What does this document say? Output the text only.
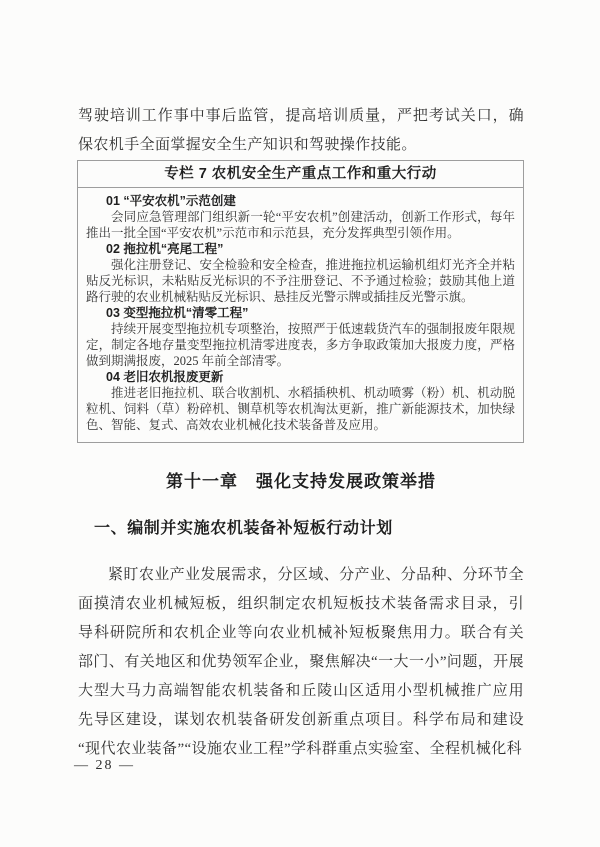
驾驶培训工作事中事后监管，提高培训质量，严把考试关口，确保农机手全面掌握安全生产知识和驾驶操作技能。

专栏 7 农机安全生产重点工作和重大行动

01 “平安农机”示范创建

会同应急管理部门组织新一轮“平安农机”创建活动，创新工作形式，每年推出一批全国“平安农机”示范市和示范县，充分发挥典型引领作用。

02 拖拉机“亮尾工程”

强化注册登记、安全检验和安全检查，推进拖拉机运输机组灯光齐全并粘贴反光标识，未粘贴反光标识的不予注册登记、不予通过检验；鼓励其他上道路行驶的农业机械粘贴反光标识、悬挂反光警示牌或插挂反光警示旗。

03 变型拖拉机“清零工程”

持续开展变型拖拉机专项整治，按照严于低速载货汽车的强制报废年限规定，制定各地存量变型拖拉机清零进度表，多方争取政策加大报废力度，严格做到期满报废，2025 年前全部清零。

04 老旧农机报废更新

推进老旧拖拉机、联合收割机、水稻插秧机、机动喷雾（粉）机、机动脱粒机、饲料（草）粉碎机、铡草机等农机淘汰更新，推广新能源技术，加快绿色、智能、复式、高效农业机械化技术装备普及应用。

第十一章　强化支持发展政策举措
一、编制并实施农机装备补短板行动计划

紧盯农业产业发展需求，分区域、分产业、分品种、分环节全面摸清农业机械短板，组织制定农机短板技术装备需求目录，引导科研院所和农机企业等向农业机械补短板聚焦用力。联合有关部门、有关地区和优势领军企业，聚焦解决“一大一小”问题，开展大型大马力高端智能农机装备和丘陵山区适用小型机械推广应用先导区建设，谋划农机装备研发创新重点项目。科学布局和建设“现代农业装备”“设施农业工程”学科群重点实验室、全程机械化科

— 28 —
